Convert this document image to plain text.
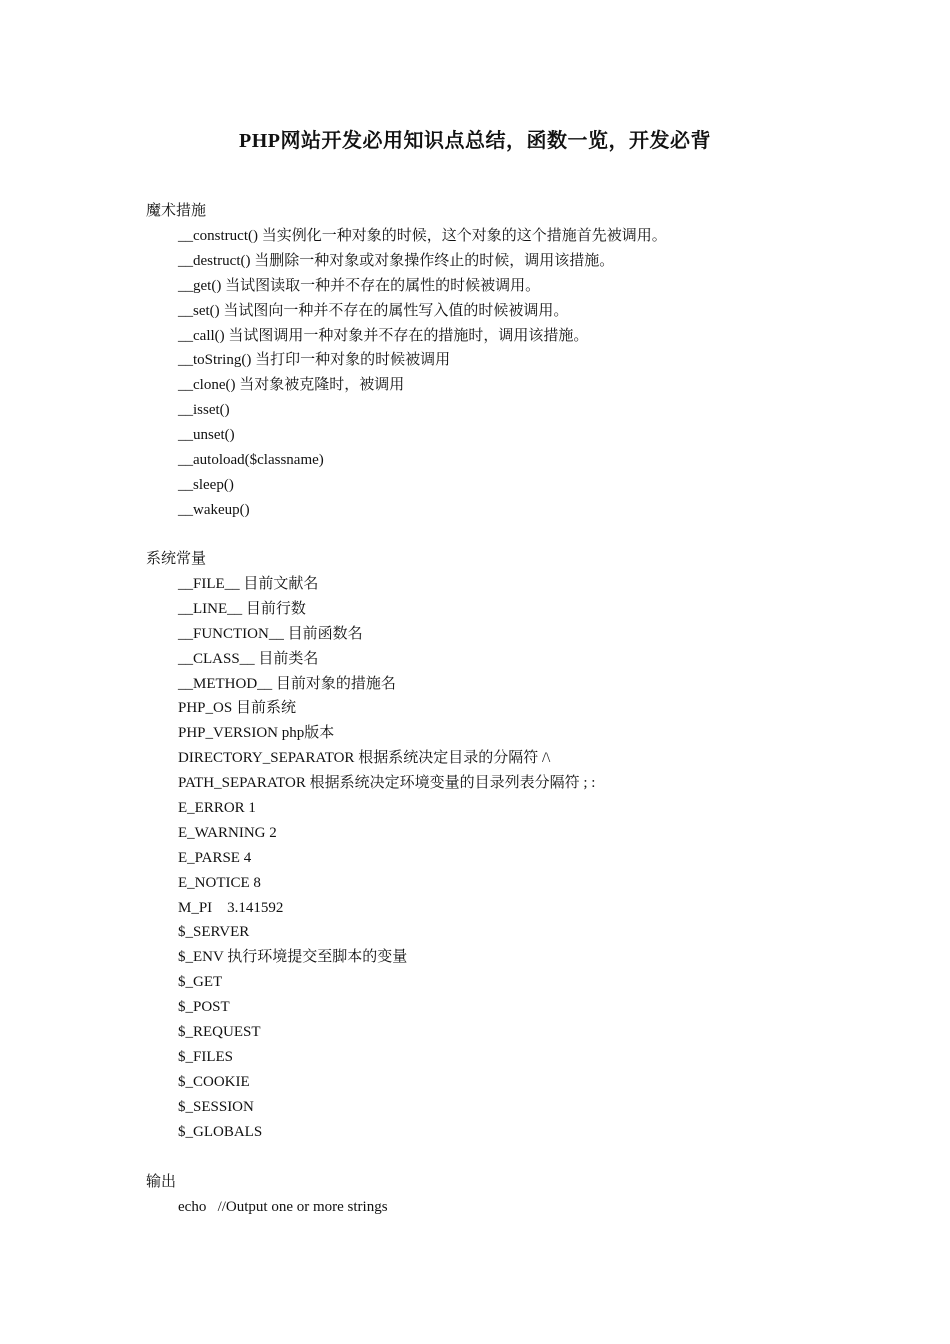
PHP网站开发必用知识点总结，函数一览，开发必背
魔术措施
__construct() 当实例化一种对象的时候，这个对象的这个措施首先被调用。
__destruct() 当删除一种对象或对象操作终止的时候，调用该措施。
__get() 当试图读取一种并不存在的属性的时候被调用。
__set() 当试图向一种并不存在的属性写入值的时候被调用。
__call() 当试图调用一种对象并不存在的措施时，调用该措施。
__toString() 当打印一种对象的时候被调用
__clone() 当对象被克隆时，被调用
__isset()
__unset()
__autoload($classname)
__sleep()
__wakeup()
系统常量
__FILE__ 目前文献名
__LINE__ 目前行数
__FUNCTION__ 目前函数名
__CLASS__ 目前类名
__METHOD__ 目前对象的措施名
PHP_OS 目前系统
PHP_VERSION php版本
DIRECTORY_SEPARATOR 根据系统决定目录的分隔符 /\
PATH_SEPARATOR 根据系统决定环境变量的目录列表分隔符 ; :
E_ERROR 1
E_WARNING 2
E_PARSE 4
E_NOTICE 8
M_PI    3.141592
$_SERVER
$_ENV 执行环境提交至脚本的变量
$_GET
$_POST
$_REQUEST
$_FILES
$_COOKIE
$_SESSION
$_GLOBALS
输出
echo   //Output one or more strings
